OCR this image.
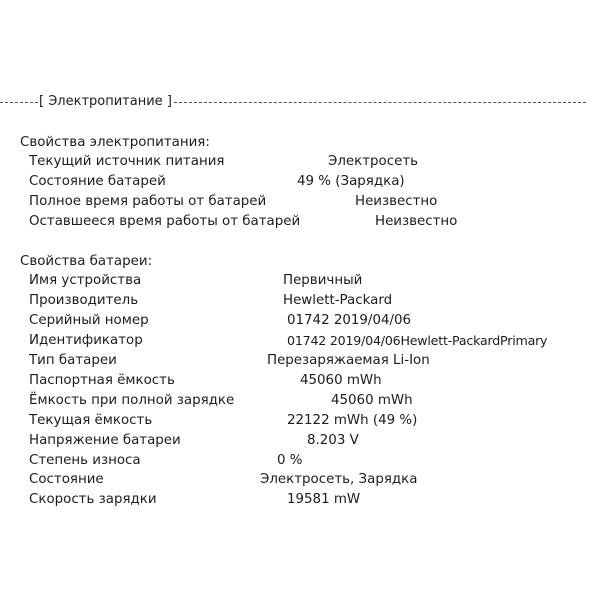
[ Электропитание ]
Свойства электропитания:
Текущий источник питания	Электросеть
Состояние батарей	49 % (Зарядка)
Полное время работы от батарей	Неизвестно
Оставшееся время работы от батарей	Неизвестно
Свойства батареи:
Имя устройства	Первичный
Производитель	Hewlett-Packard
Серийный номер	01742 2019/04/06
Идентификатор	01742 2019/04/06Hewlett-PackardPrimary
Тип батареи	Перезаряжаемая Li-Ion
Паспортная ёмкость	45060 mWh
Ёмкость при полной зарядке	45060 mWh
Текущая ёмкость	22122 mWh (49 %)
Напряжение батареи	8.203 V
Степень износа	0 %
Состояние	Электросеть, Зарядка
Скорость зарядки	19581 mW
